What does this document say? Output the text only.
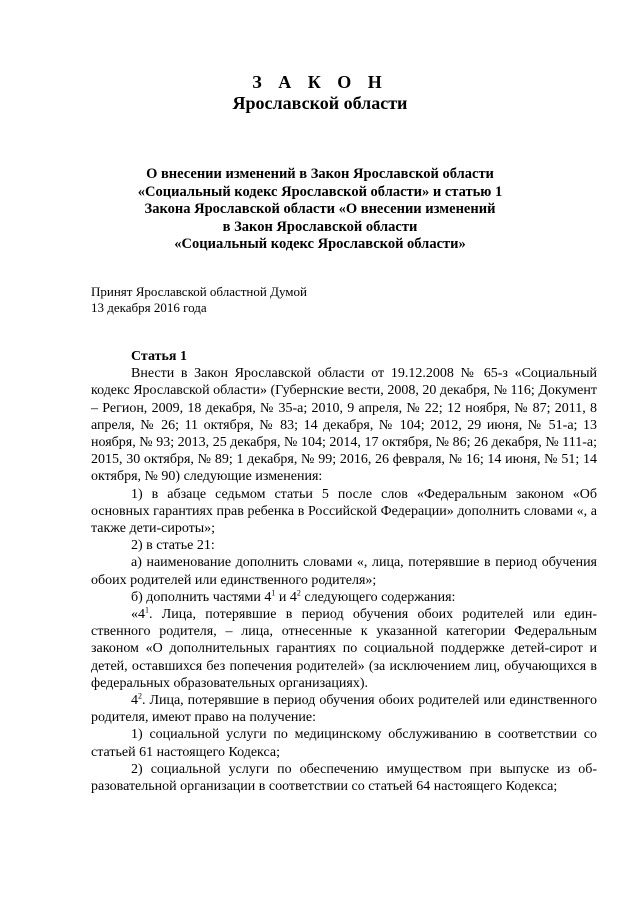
З А К О Н
Ярославской области
О внесении изменений в Закон Ярославской области
«Социальный кодекс Ярославской области» и статью 1
Закона Ярославской области «О внесении изменений
в Закон Ярославской области
«Социальный кодекс Ярославской области»
Принят Ярославской областной Думой
13 декабря 2016 года

Статья 1

Внести в Закон Ярославской области от 19.12.2008 № 65-з «Социальный кодекс Ярославской области» (Губернские вести, 2008, 20 декабря, № 116; Документ – Регион, 2009, 18 декабря, № 35-а; 2010, 9 апреля, № 22; 12 ноября, № 87; 2011, 8 апреля, № 26; 11 октября, № 83; 14 декабря, № 104; 2012, 29 июня, № 51-а; 13 ноября, № 93; 2013, 25 декабря, № 104; 2014, 17 октября, № 86; 26 декабря, № 111-а; 2015, 30 октября, № 89; 1 декабря, № 99; 2016, 26 февраля, № 16; 14 июня, № 51; 14 октября, № 90) следующие изменения:

1) в абзаце седьмом статьи 5 после слов «Федеральным законом «Об основных гарантиях прав ребенка в Российской Федерации» дополнить словами «, а также дети-сироты»;

2) в статье 21:

а) наименование дополнить словами «, лица, потерявшие в период обучения обоих родителей или единственного родителя»;

б) дополнить частями $4^1$ и $4^2$ следующего содержания:

«$4^1$. Лица, потерявшие в период обучения обоих родителей или единственного родителя, – лица, отнесенные к указанной категории Федеральным законом «О дополнительных гарантиях по социальной поддержке детей-сирот и детей, оставшихся без попечения родителей» (за исключением лиц, обучающихся в федеральных образовательных организациях).

$4^2$. Лица, потерявшие в период обучения обоих родителей или единственного родителя, имеют право на получение:

1) социальной услуги по медицинскому обслуживанию в соответствии со статьей 61 настоящего Кодекса;

2) социальной услуги по обеспечению имуществом при выпуске из образовательной организации в соответствии со статьей 64 настоящего Кодекса;
